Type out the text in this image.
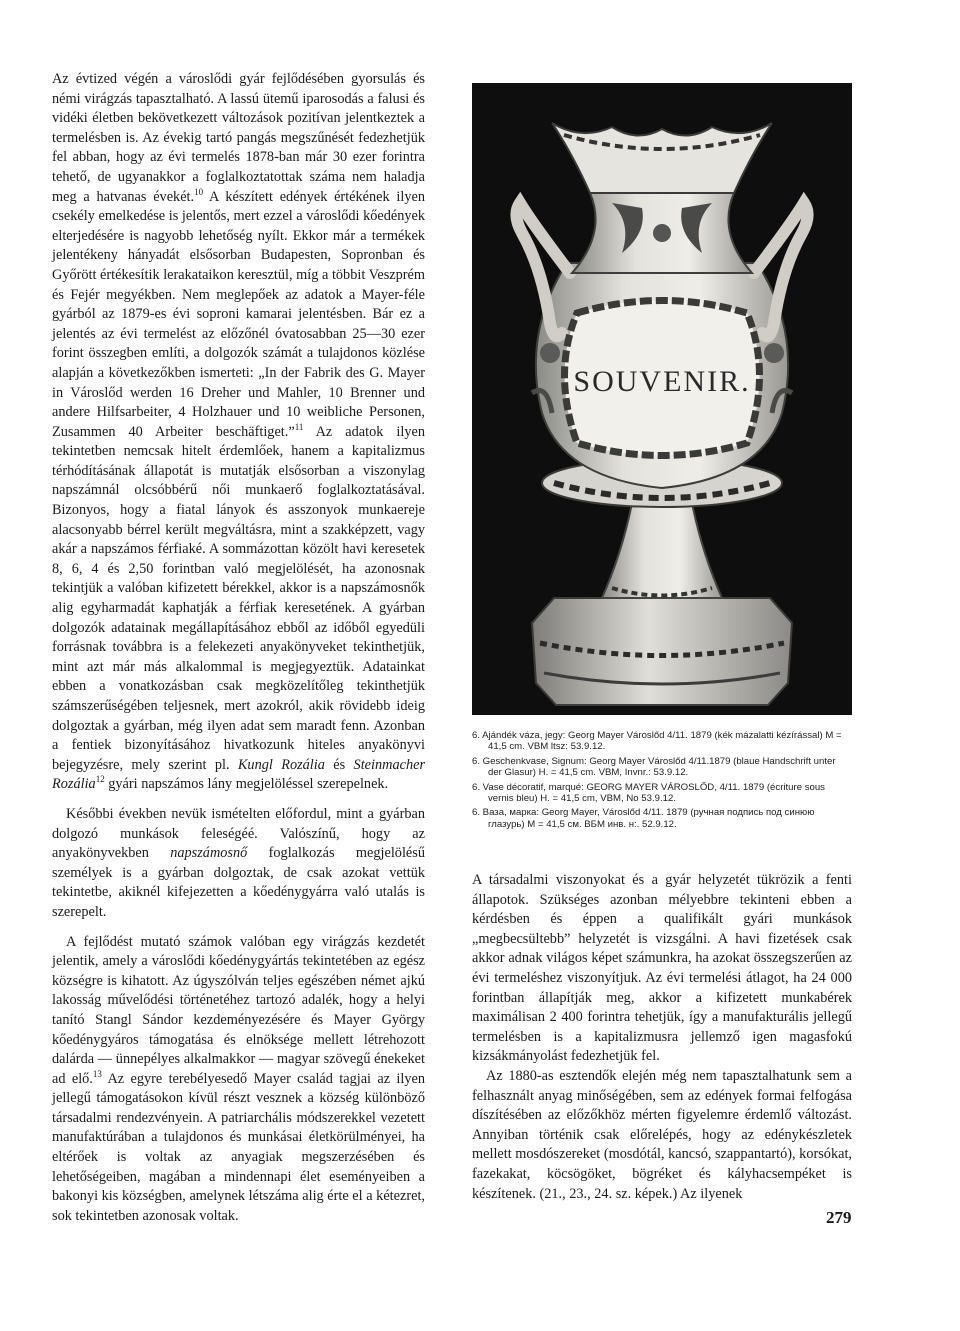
Az évtized végén a városlődi gyár fejlődésében gyorsulás és némi virágzás tapasztalható. A lassú ütemű iparosodás a falusi és vidéki életben bekövetkezett változások pozitívan jelentkeztek a termelésben is. Az évekig tartó pangás megszűnését fedezhetjük fel abban, hogy az évi termelés 1878-ban már 30 ezer forintra tehető, de ugyanakkor a foglalkoztatottak száma nem haladja meg a hatvanas évekét.$^{10}$ A készített edények értékének ilyen csekély emelkedése is jelentős, mert ezzel a városlődi kőedények elterjedésére is nagyobb lehetőség nyílt. Ekkor már a termékek jelentékeny hányadát elsősorban Budapesten, Sopronban és Győrött értékesítik lerakataikon keresztül, míg a többit Veszprém és Fejér megyékben. Nem meglepőek az adatok a Mayer-féle gyárból az 1879-es évi soproni kamarai jelentésben. Bár ez a jelentés az évi termelést az előzőnél óvatosabban 25—30 ezer forint összegben említi, a dolgozók számát a tulajdonos közlése alapján a következőkben ismerteti: „In der Fabrik des G. Mayer in Városlőd werden 16 Dreher und Mahler, 10 Brenner und andere Hilfsarbeiter, 4 Holzhauer und 10 weibliche Personen, Zusammen 40 Arbeiter beschäftiget.”$^{11}$ Az adatok ilyen tekintetben nemcsak hitelt érdemlőek, hanem a kapitalizmus térhódításának állapotát is mutatják elsősorban a viszonylag napszámnál olcsóbbérű női munkaerő foglalkoztatásával. Bizonyos, hogy a fiatal lányok és asszonyok munkaereje alacsonyabb bérrel került megváltásra, mint a szakképzett, vagy akár a napszámos férfiaké. A sommázottan közölt havi keresetek 8, 6, 4 és 2,50 forintban való megjelölését, ha azonosnak tekintjük a valóban kifizetett bérekkel, akkor is a napszámosnők alig egyharmadát kaphatják a férfiak keresetének. A gyárban dolgozók adatainak megállapításához ebből az időből egyedüli forrásnak továbbra is a felekezeti anyakönyveket tekinthetjük, mint azt már más alkalommal is megjegyeztük. Adatainkat ebben a vonatkozásban csak megközelítőleg tekinthetjük számszerűségében teljesnek, mert azokról, akik rövidebb ideig dolgoztak a gyárban, még ilyen adat sem maradt fenn. Azonban a fentiek bizonyításához hivatkozunk hiteles anyakönyvi bejegyzésre, mely szerint pl. Kungl Rozália és Steinmacher Rozália$^{12}$ gyári napszámos lány megjelöléssel szerepelnek.

Későbbi években nevük ismételten előfordul, mint a gyárban dolgozó munkások feleségéé. Valószínű, hogy az anyakönyvekben napszámosnő foglalkozás megjelölésű személyek is a gyárban dolgoztak, de csak azokat vettük tekintetbe, akiknél kifejezetten a kőedénygyárra való utalás is szerepelt.

A fejlődést mutató számok valóban egy virágzás kezdetét jelentik, amely a városlődi kőedénygyártás tekintetében az egész községre is kihatott. Az úgyszólván teljes egészében német ajkú lakosság művelődési történetéhez tartozó adalék, hogy a helyi tanító Stangl Sándor kezdeményezésére és Mayer György kőedénygyáros támogatása és elnöksége mellett létrehozott dalárda — ünnepélyes alkalmakkor — magyar szövegű énekeket ad elő.$^{13}$ Az egyre terebélyesedő Mayer család tagjai az ilyen jellegű támogatásokon kívül részt vesznek a község különböző társadalmi rendezvényein. A patriarchális módszerekkel vezetett manufaktúrában a tulajdonos és munkásai életkörülményei, ha eltérőek is voltak az anyagiak megszerzésében és lehetőségeiben, magában a mindennapi élet eseményeiben a bakonyi kis községben, amelynek létszáma alig érte el a kétezret, sok tekintetben azonosak voltak.

SOUVENIR.

6. Ajándék váza, jegy: Georg Mayer Városlőd 4/11. 1879 (kék mázalatti kézírással) M = 41,5 cm. VBM ltsz: 53.9.12.

6. Geschenkvase, Signum: Georg Mayer Városlőd 4/11.1879 (blaue Handschrift unter der Glasur) H. = 41,5 cm. VBM, Invnr.: 53.9.12.

6. Vase décoratif, marqué: GEORG MAYER VÁROSLŐD, 4/11. 1879 (écriture sous vernis bleu) H. = 41,5 cm, VBM, No 53.9.12.

6. Ваза, марка: Georg Mayer, Városlőd 4/11. 1879 (ручная подпись под синюю глазурь) M = 41,5 см. ВБМ инв. н:. 52.9.12.

A társadalmi viszonyokat és a gyár helyzetét tükrözik a fenti állapotok. Szükséges azonban mélyebbre tekinteni ebben a kérdésben és éppen a qualifikált gyári munkások „megbecsültebb” helyzetét is vizsgálni. A havi fizetések csak akkor adnak világos képet számunkra, ha azokat összegszerűen az évi termeléshez viszonyítjuk. Az évi termelési átlagot, ha 24 000 forintban állapítják meg, akkor a kifizetett munkabérek maximálisan 2 400 forintra tehetjük, így a manufakturális jellegű termelésben is a kapitalizmusra jellemző igen magasfokú kizsákmányolást fedezhetjük fel.

Az 1880-as esztendők elején még nem tapasztalhatunk sem a felhasznált anyag minőségében, sem az edények formai felfogása díszítésében az előzőkhöz mérten figyelemre érdemlő változást. Annyiban történik csak előrelépés, hogy az edénykészletek mellett mosdószereket (mosdótál, kancsó, szappantartó), korsókat, fazekakat, köcsögöket, bögréket és kályhacsempéket is készítenek. (21., 23., 24. sz. képek.) Az ilyenek

279
